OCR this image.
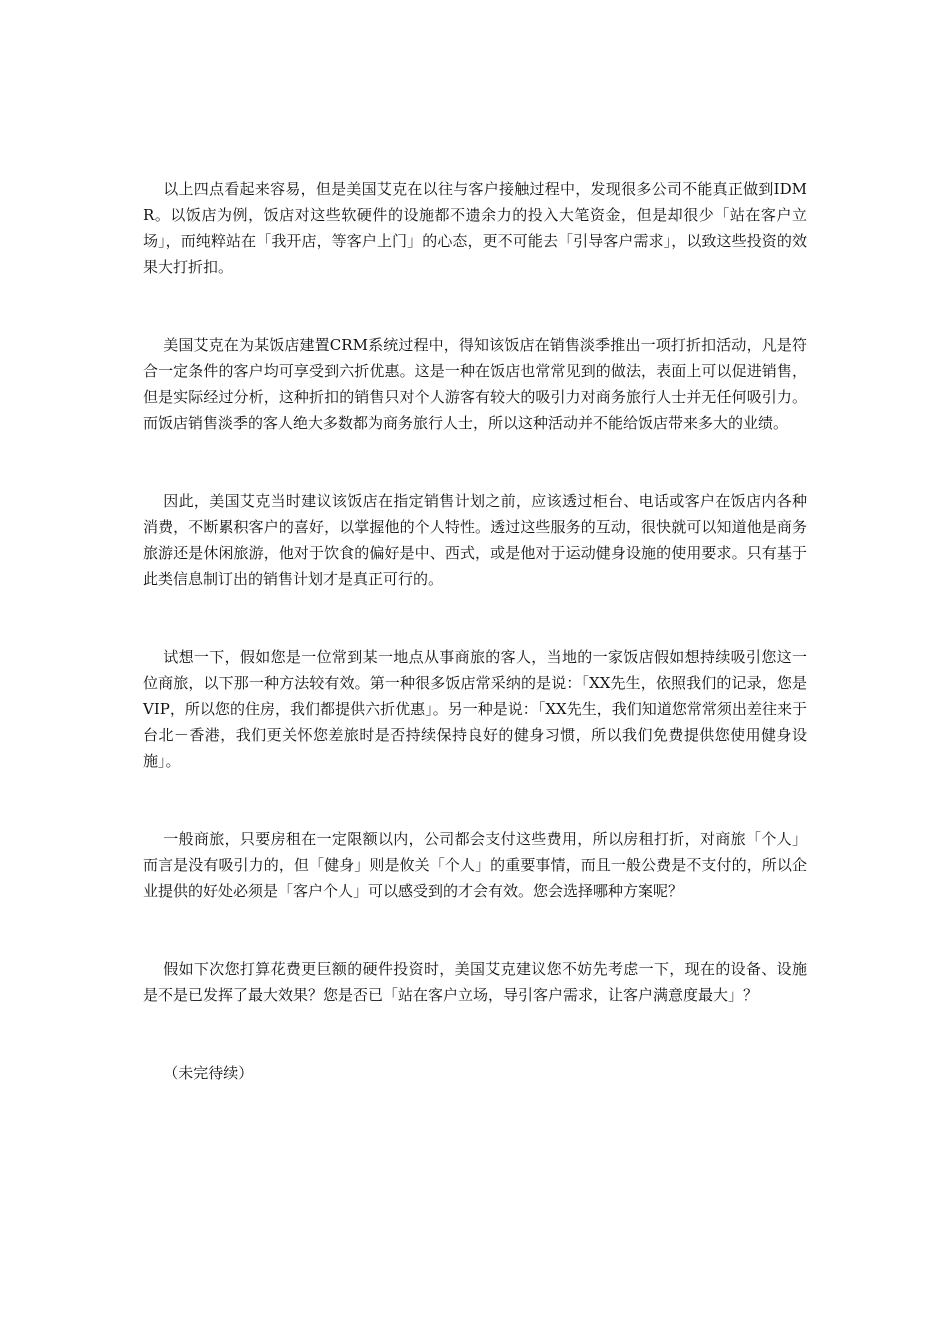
以上四点看起来容易，但是美国艾克在以往与客户接触过程中，发现很多公司不能真正做到IDMR。以饭店为例，饭店对这些软硬件的设施都不遗余力的投入大笔资金，但是却很少「站在客户立场」，而纯粹站在「我开店，等客户上门」的心态，更不可能去「引导客户需求」，以致这些投资的效果大打折扣。

美国艾克在为某饭店建置CRM系统过程中，得知该饭店在销售淡季推出一项打折扣活动，凡是符合一定条件的客户均可享受到六折优惠。这是一种在饭店也常常见到的做法，表面上可以促进销售，但是实际经过分析，这种折扣的销售只对个人游客有较大的吸引力对商务旅行人士并无任何吸引力。而饭店销售淡季的客人绝大多数都为商务旅行人士，所以这种活动并不能给饭店带来多大的业绩。

因此，美国艾克当时建议该饭店在指定销售计划之前，应该透过柜台、电话或客户在饭店内各种消费，不断累积客户的喜好，以掌握他的个人特性。透过这些服务的互动，很快就可以知道他是商务旅游还是休闲旅游，他对于饮食的偏好是中、西式，或是他对于运动健身设施的使用要求。只有基于此类信息制订出的销售计划才是真正可行的。

试想一下，假如您是一位常到某一地点从事商旅的客人，当地的一家饭店假如想持续吸引您这一位商旅，以下那一种方法较有效。第一种很多饭店常采纳的是说：「XX先生，依照我们的记录，您是VIP，所以您的住房，我们都提供六折优惠」。另一种是说：「XX先生，我们知道您常常须出差往来于台北－香港，我们更关怀您差旅时是否持续保持良好的健身习惯，所以我们免费提供您使用健身设施」。

一般商旅，只要房租在一定限额以内，公司都会支付这些费用，所以房租打折，对商旅「个人」而言是没有吸引力的，但「健身」则是攸关「个人」的重要事情，而且一般公费是不支付的，所以企业提供的好处必须是「客户个人」可以感受到的才会有效。您会选择哪种方案呢？

假如下次您打算花费更巨额的硬件投资时，美国艾克建议您不妨先考虑一下，现在的设备、设施是不是已发挥了最大效果？您是否已「站在客户立场，导引客户需求，让客户满意度最大」？

（未完待续）
